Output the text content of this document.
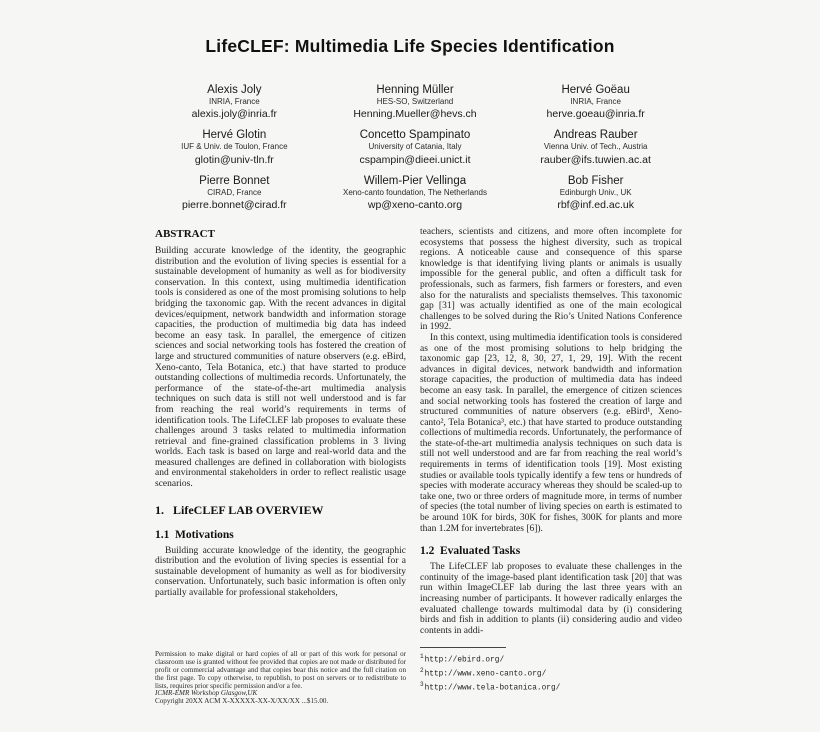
LifeCLEF: Multimedia Life Species Identification
Alexis Joly
INRIA, France
alexis.joly@inria.fr
Henning Müller
HES-SO, Switzerland
Henning.Mueller@hevs.ch
Hervé Goëau
INRIA, France
herve.goeau@inria.fr
Hervé Glotin
IUF & Univ. de Toulon, France
glotin@univ-tln.fr
Concetto Spampinato
University of Catania, Italy
cspampin@dieei.unict.it
Andreas Rauber
Vienna Univ. of Tech., Austria
rauber@ifs.tuwien.ac.at
Pierre Bonnet
CIRAD, France
pierre.bonnet@cirad.fr
Willem-Pier Vellinga
Xeno-canto foundation, The Netherlands
wp@xeno-canto.org
Bob Fisher
Edinburgh Univ., UK
rbf@inf.ed.ac.uk
ABSTRACT

Building accurate knowledge of the identity, the geographic distribution and the evolution of living species is essential for a sustainable development of humanity as well as for biodiversity conservation. In this context, using multimedia identification tools is considered as one of the most promising solutions to help bridging the taxonomic gap. With the recent advances in digital devices/equipment, network bandwidth and information storage capacities, the production of multimedia big data has indeed become an easy task. In parallel, the emergence of citizen sciences and social networking tools has fostered the creation of large and structured communities of nature observers (e.g. eBird, Xeno-canto, Tela Botanica, etc.) that have started to produce outstanding collections of multimedia records. Unfortunately, the performance of the state-of-the-art multimedia analysis techniques on such data is still not well understood and is far from reaching the real world’s requirements in terms of identification tools. The LifeCLEF lab proposes to evaluate these challenges around 3 tasks related to multimedia information retrieval and fine-grained classification problems in 3 living worlds. Each task is based on large and real-world data and the measured challenges are defined in collaboration with biologists and environmental stakeholders in order to reflect realistic usage scenarios.

1. LifeCLEF LAB OVERVIEW
1.1 Motivations

Building accurate knowledge of the identity, the geographic distribution and the evolution of living species is essential for a sustainable development of humanity as well as for biodiversity conservation. Unfortunately, such basic information is often only partially available for professional stakeholders,

Permission to make digital or hard copies of all or part of this work for personal or classroom use is granted without fee provided that copies are not made or distributed for profit or commercial advantage and that copies bear this notice and the full citation on the first page. To copy otherwise, to republish, to post on servers or to redistribute to lists, requires prior specific permission and/or a fee.
ICMR-EMR Workshop Glasgow,UK
Copyright 20XX ACM X-XXXXX-XX-X/XX/XX ...$15.00.

teachers, scientists and citizens, and more often incomplete for ecosystems that possess the highest diversity, such as tropical regions. A noticeable cause and consequence of this sparse knowledge is that identifying living plants or animals is usually impossible for the general public, and often a difficult task for professionals, such as farmers, fish farmers or foresters, and even also for the naturalists and specialists themselves. This taxonomic gap [31] was actually identified as one of the main ecological challenges to be solved during the Rio’s United Nations Conference in 1992.

In this context, using multimedia identification tools is considered as one of the most promising solutions to help bridging the taxonomic gap [23, 12, 8, 30, 27, 1, 29, 19]. With the recent advances in digital devices, network bandwidth and information storage capacities, the production of multimedia data has indeed become an easy task. In parallel, the emergence of citizen sciences and social networking tools has fostered the creation of large and structured communities of nature observers (e.g. eBird¹, Xeno-canto², Tela Botanica³, etc.) that have started to produce outstanding collections of multimedia records. Unfortunately, the performance of the state-of-the-art multimedia analysis techniques on such data is still not well understood and are far from reaching the real world’s requirements in terms of identification tools [19]. Most existing studies or available tools typically identify a few tens or hundreds of species with moderate accuracy whereas they should be scaled-up to take one, two or three orders of magnitude more, in terms of number of species (the total number of living species on earth is estimated to be around 10K for birds, 30K for fishes, 300K for plants and more than 1.2M for invertebrates [6]).

1.2 Evaluated Tasks

The LifeCLEF lab proposes to evaluate these challenges in the continuity of the image-based plant identification task [20] that was run within ImageCLEF lab during the last three years with an increasing number of participants. It however radically enlarges the evaluated challenge towards multimodal data by (i) considering birds and fish in addition to plants (ii) considering audio and video contents in addi-

$^1$http://ebird.org/
$^2$http://www.xeno-canto.org/
$^3$http://www.tela-botanica.org/
